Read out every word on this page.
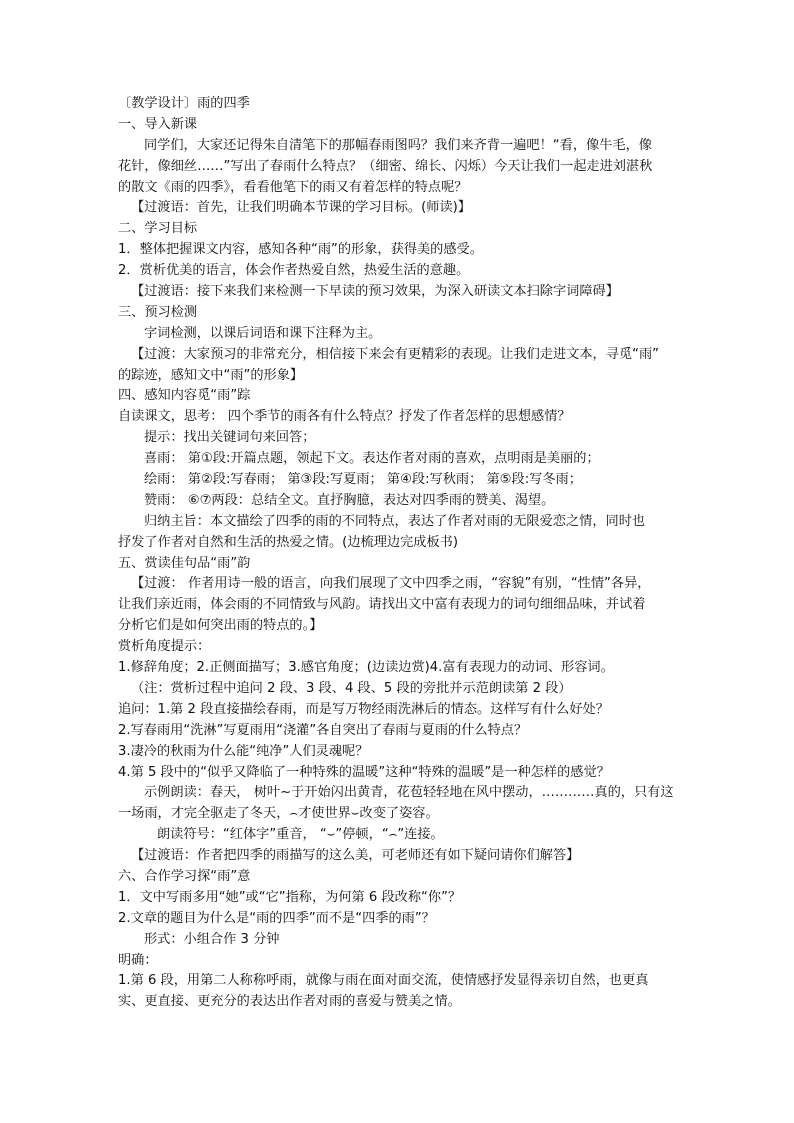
〔教学设计〕雨的四季
一、导入新课
同学们，大家还记得朱自清笔下的那幅春雨图吗？我们来齐背一遍吧！“看，像牛毛，像
花针，像细丝……”写出了春雨什么特点？（细密、绵长、闪烁）今天让我们一起走进刘湛秋
的散文《雨的四季》，看看他笔下的雨又有着怎样的特点呢？
【过渡语：首先，让我们明确本节课的学习目标。(师读)】
二、学习目标
1．整体把握课文内容，感知各种“雨”的形象，获得美的感受。
2．赏析优美的语言，体会作者热爱自然，热爱生活的意趣。
【过渡语：接下来我们来检测一下早读的预习效果，为深入研读文本扫除字词障碍】
三、预习检测
字词检测，以课后词语和课下注释为主。
【过渡：大家预习的非常充分，相信接下来会有更精彩的表现。让我们走进文本，寻觅“雨”
的踪迹，感知文中“雨”的形象】
四、感知内容觅“雨”踪
自读课文，思考： 四个季节的雨各有什么特点？抒发了作者怎样的思想感情？
提示：找出关键词句来回答；
喜雨： 第①段:开篇点题，领起下文。表达作者对雨的喜欢，点明雨是美丽的；
绘雨： 第②段:写春雨； 第③段:写夏雨； 第④段:写秋雨； 第⑤段:写冬雨；
赞雨： ⑥⑦两段：总结全文。直抒胸臆，表达对四季雨的赞美、渴望。
归纳主旨：本文描绘了四季的雨的不同特点，表达了作者对雨的无限爱恋之情，同时也
抒发了作者对自然和生活的热爱之情。(边梳理边完成板书)
五、赏读佳句品“雨”韵
【过渡： 作者用诗一般的语言，向我们展现了文中四季之雨，“容貌”有别，“性情”各异，
让我们亲近雨，体会雨的不同情致与风韵。请找出文中富有表现力的词句细细品味，并试着
分析它们是如何突出雨的特点的。】
赏析角度提示：
1.修辞角度；2.正侧面描写；3.感官角度；(边读边赏)4.富有表现力的动词、形容词。
（注：赏析过程中追问 2 段、3 段、4 段、5 段的旁批并示范朗读第 2 段）
追问：1.第 2 段直接描绘春雨，而是写万物经雨洗淋后的情态。这样写有什么好处？
2.写春雨用“洗淋”写夏雨用“浇灌”各自突出了春雨与夏雨的什么特点？
3.凄冷的秋雨为什么能“纯净”人们灵魂呢？
4.第 5 段中的“似乎又降临了一种特殊的温暖”这种“特殊的温暖”是一种怎样的感觉？
示例朗读：春天， 树叶~于开始闪出黄青，花苞轻轻地在风中摆动，…………真的，只有这
一场雨，才完全驱走了冬天，⌢才使世界⌣改变了姿容。
朗读符号：“红体字”重音， “⌣”停顿，“⌢”连接。
【过渡语：作者把四季的雨描写的这么美，可老师还有如下疑问请你们解答】
六、合作学习探“雨”意
1．文中写雨多用“她”或“它”指称，为何第 6 段改称“你”？
2.文章的题目为什么是“雨的四季”而不是“四季的雨”？
形式：小组合作 3 分钟
明确：
1.第 6 段，用第二人称称呼雨，就像与雨在面对面交流，使情感抒发显得亲切自然，也更真
实、更直接、更充分的表达出作者对雨的喜爱与赞美之情。
